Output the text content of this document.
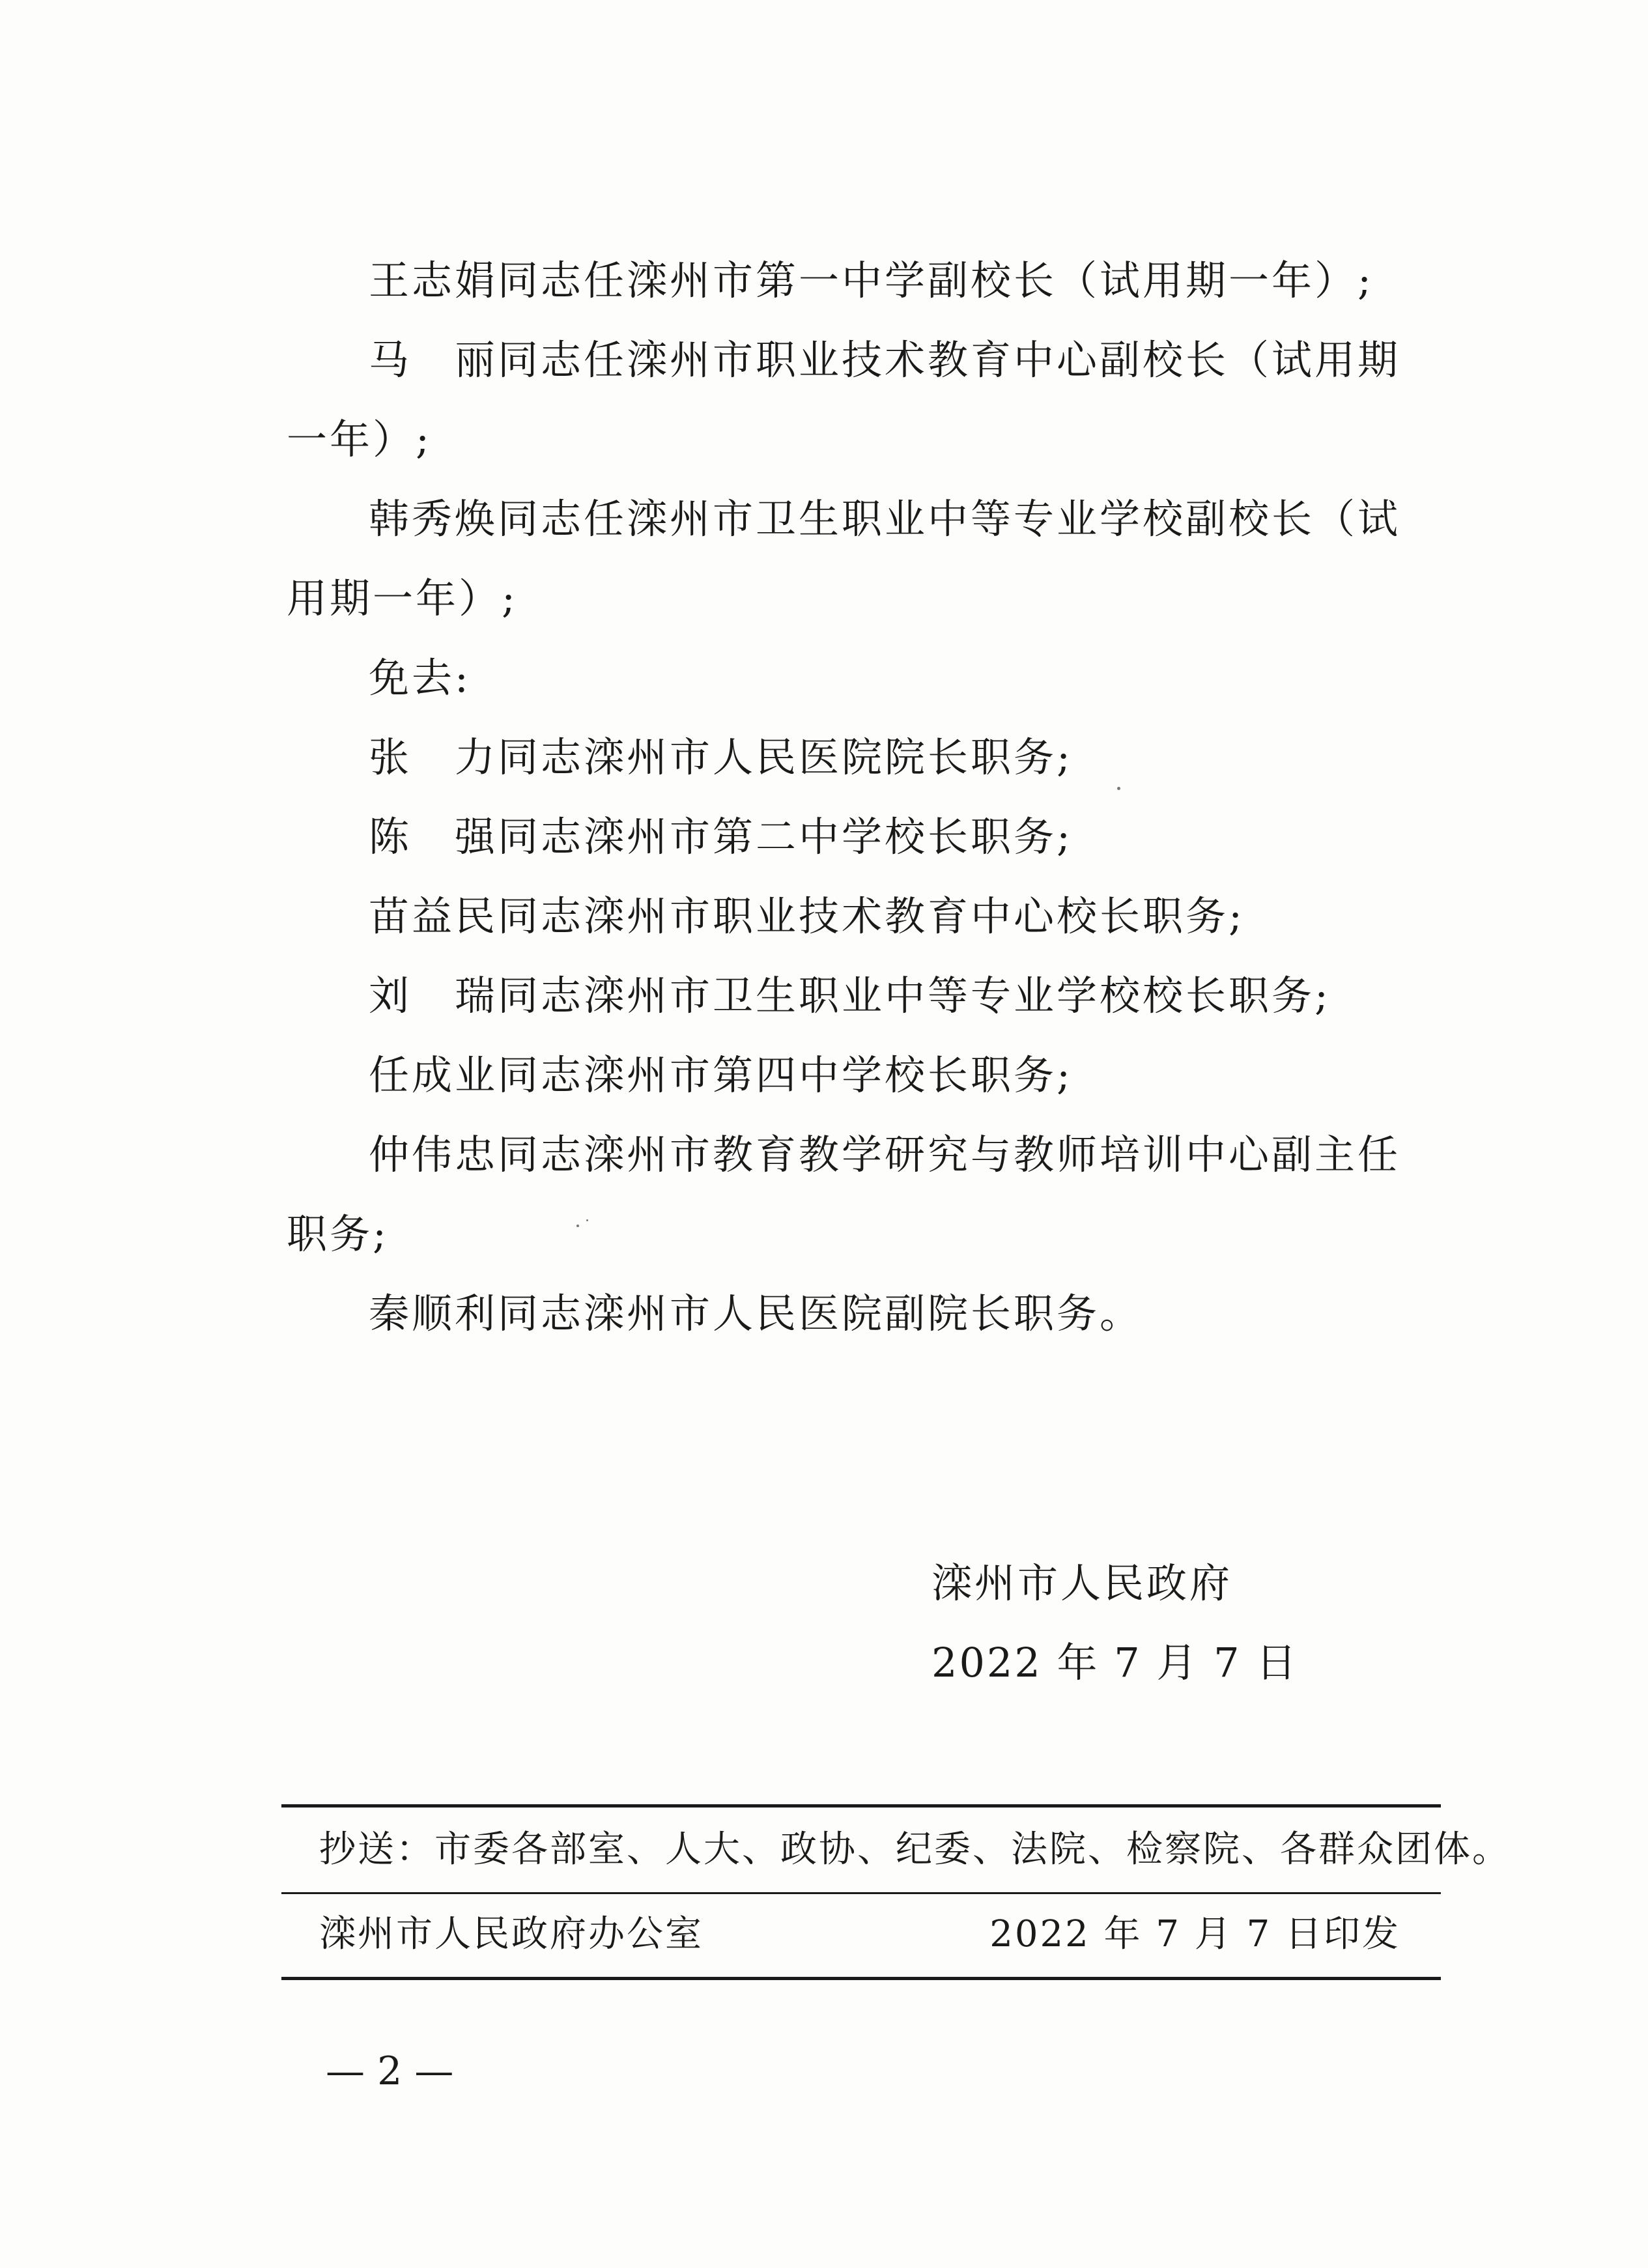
王志娟同志任滦州市第一中学副校长（试用期一年）;

马　丽同志任滦州市职业技术教育中心副校长（试用期一年）;

韩秀焕同志任滦州市卫生职业中等专业学校副校长（试用期一年）;

免去:

张　力同志滦州市人民医院院长职务;

陈　强同志滦州市第二中学校长职务;

苗益民同志滦州市职业技术教育中心校长职务;

刘　瑞同志滦州市卫生职业中等专业学校校长职务;

任成业同志滦州市第四中学校长职务;

仲伟忠同志滦州市教育教学研究与教师培训中心副主任职务;

秦顺利同志滦州市人民医院副院长职务。

滦州市人民政府

2022 年 7 月 7 日

抄送：市委各部室、人大、政协、纪委、法院、检察院、各群众团体。
滦州市人民政府办公室	2022 年 7 月 7 日印发
— 2 —
